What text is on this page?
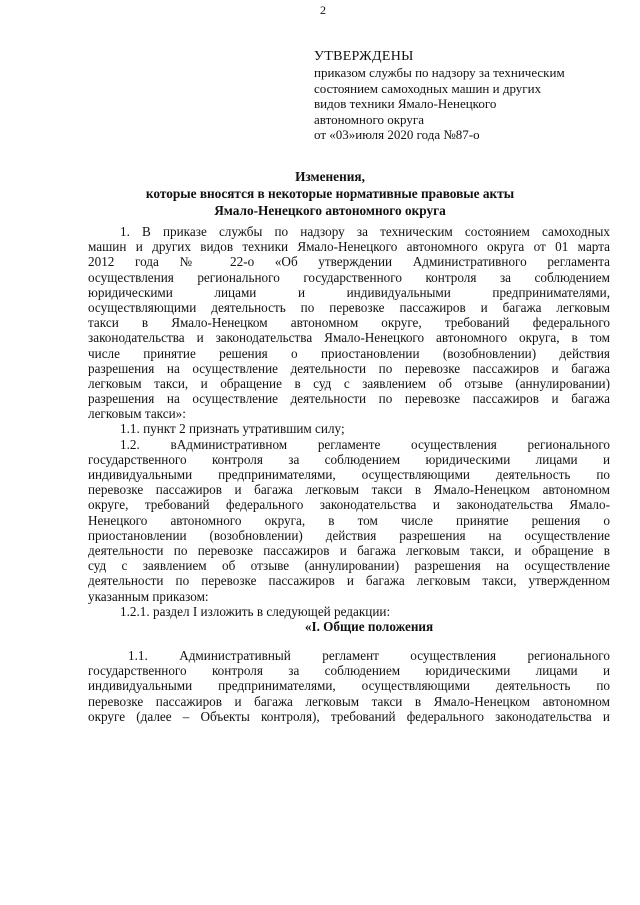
2
УТВЕРЖДЕНЫ
приказом службы по надзору за техническим
состоянием самоходных машин и других
видов техники Ямало-Ненецкого
автономного округа
от «03»июля 2020 года №87-о
Изменения,
которые вносятся в некоторые нормативные правовые акты
Ямало-Ненецкого автономного округа
1. В приказе службы по надзору за техническим состоянием самоходных
машин и других видов техники Ямало-Ненецкого автономного округа от 01 марта
2012 года № 22-о «Об утверждении Административного регламента
осуществления регионального государственного контроля за соблюдением
юридическими лицами и индивидуальными предпринимателями,
осуществляющими деятельность по перевозке пассажиров и багажа легковым
такси в Ямало-Ненецком автономном округе, требований федерального
законодательства и законодательства Ямало-Ненецкого автономного округа, в том
числе принятие решения о приостановлении (возобновлении) действия
разрешения на осуществление деятельности по перевозке пассажиров и багажа
легковым такси, и обращение в суд с заявлением об отзыве (аннулировании)
разрешения на осуществление деятельности по перевозке пассажиров и багажа
легковым такси»:
1.1. пункт 2 признать утратившим силу;
1.2. вАдминистративном регламенте осуществления регионального
государственного контроля за соблюдением юридическими лицами и
индивидуальными предпринимателями, осуществляющими деятельность по
перевозке пассажиров и багажа легковым такси в Ямало-Ненецком автономном
округе, требований федерального законодательства и законодательства Ямало-
Ненецкого автономного округа, в том числе принятие решения о
приостановлении (возобновлении) действия разрешения на осуществление
деятельности по перевозке пассажиров и багажа легковым такси, и обращение в
суд с заявлением об отзыве (аннулировании) разрешения на осуществление
деятельности по перевозке пассажиров и багажа легковым такси, утвержденном
указанным приказом:
1.2.1. раздел I изложить в следующей редакции:
«I. Общие положения
1.1. Административный регламент осуществления регионального
государственного контроля за соблюдением юридическими лицами и
индивидуальными предпринимателями, осуществляющими деятельность по
перевозке пассажиров и багажа легковым такси в Ямало-Ненецком автономном
округе (далее – Объекты контроля), требований федерального законодательства и
